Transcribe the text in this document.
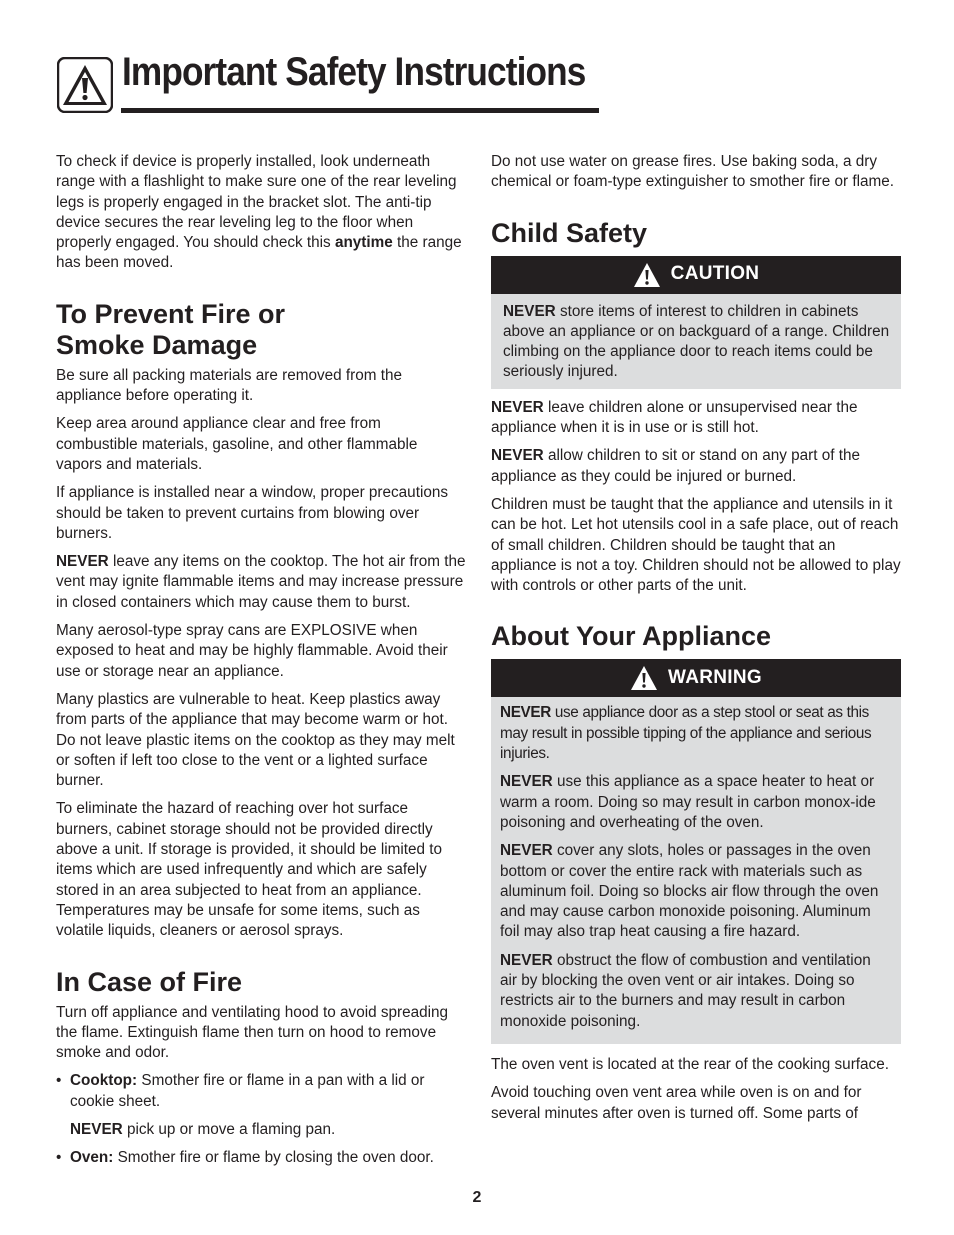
Important Safety Instructions

To check if device is properly installed, look underneath range with a flashlight to make sure one of the rear leveling legs is properly engaged in the bracket slot. The anti-tip device secures the rear leveling leg to the floor when properly engaged. You should check this anytime the range has been moved.

To Prevent Fire or
Smoke Damage

Be sure all packing materials are removed from the appliance before operating it.

Keep area around appliance clear and free from combustible materials, gasoline, and other flammable vapors and materials.

If appliance is installed near a window, proper precautions should be taken to prevent curtains from blowing over burners.

NEVER leave any items on the cooktop. The hot air from the vent may ignite flammable items and may increase pressure in closed containers which may cause them to burst.

Many aerosol-type spray cans are EXPLOSIVE when exposed to heat and may be highly flammable. Avoid their use or storage near an appliance.

Many plastics are vulnerable to heat. Keep plastics away from parts of the appliance that may become warm or hot. Do not leave plastic items on the cooktop as they may melt or soften if left too close to the vent or a lighted surface burner.

To eliminate the hazard of reaching over hot surface burners, cabinet storage should not be provided directly above a unit. If storage is provided, it should be limited to items which are used infrequently and which are safely stored in an area subjected to heat from an appliance. Temperatures may be unsafe for some items, such as volatile liquids, cleaners or aerosol sprays.

In Case of Fire

Turn off appliance and ventilating hood to avoid spreading the flame. Extinguish flame then turn on hood to remove smoke and odor.

• Cooktop: Smother fire or flame in a pan with a lid or cookie sheet.

NEVER pick up or move a flaming pan.

• Oven: Smother fire or flame by closing the oven door.

Do not use water on grease fires. Use baking soda, a dry chemical or foam-type extinguisher to smother fire or flame.

Child Safety
CAUTION

NEVER store items of interest to children in cabinets above an appliance or on backguard of a range. Children climbing on the appliance door to reach items could be seriously injured.

NEVER leave children alone or unsupervised near the appliance when it is in use or is still hot.

NEVER allow children to sit or stand on any part of the appliance as they could be injured or burned.

Children must be taught that the appliance and utensils in it can be hot. Let hot utensils cool in a safe place, out of reach of small children. Children should be taught that an appliance is not a toy. Children should not be allowed to play with controls or other parts of the unit.

About Your Appliance
WARNING

NEVER use appliance door as a step stool or seat as this may result in possible tipping of the appliance and serious injuries.

NEVER use this appliance as a space heater to heat or warm a room. Doing so may result in carbon monox-ide poisoning and overheating of the oven.

NEVER cover any slots, holes or passages in the oven bottom or cover the entire rack with materials such as aluminum foil. Doing so blocks air flow through the oven and may cause carbon monoxide poisoning. Aluminum foil may also trap heat causing a fire hazard.

NEVER obstruct the flow of combustion and ventilation air by blocking the oven vent or air intakes. Doing so restricts air to the burners and may result in carbon monoxide poisoning.

The oven vent is located at the rear of the cooking surface.

Avoid touching oven vent area while oven is on and for several minutes after oven is turned off. Some parts of

2
